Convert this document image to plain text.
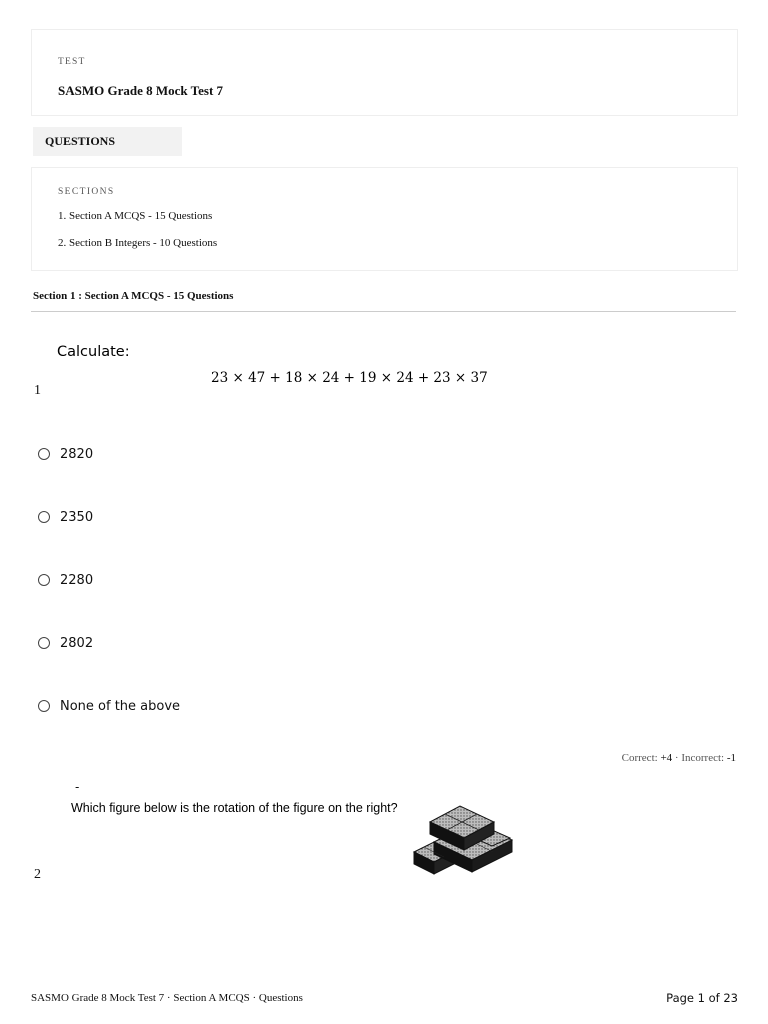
TEST
SASMO Grade 8 Mock Test 7
QUESTIONS
SECTIONS
1. Section A MCQS - 15 Questions
2. Section B Integers - 10 Questions
Section 1 : Section A MCQS - 15 Questions
Calculate:
23 × 47 + 18 × 24 + 19 × 24 + 23 × 37
1
2820
2350
2280
2802
None of the above
Correct: +4 · Incorrect: -1
-
Which figure below is the rotation of the figure on the right?
2
SASMO Grade 8 Mock Test 7 · Section A MCQS · Questions	Page 1 of 23
